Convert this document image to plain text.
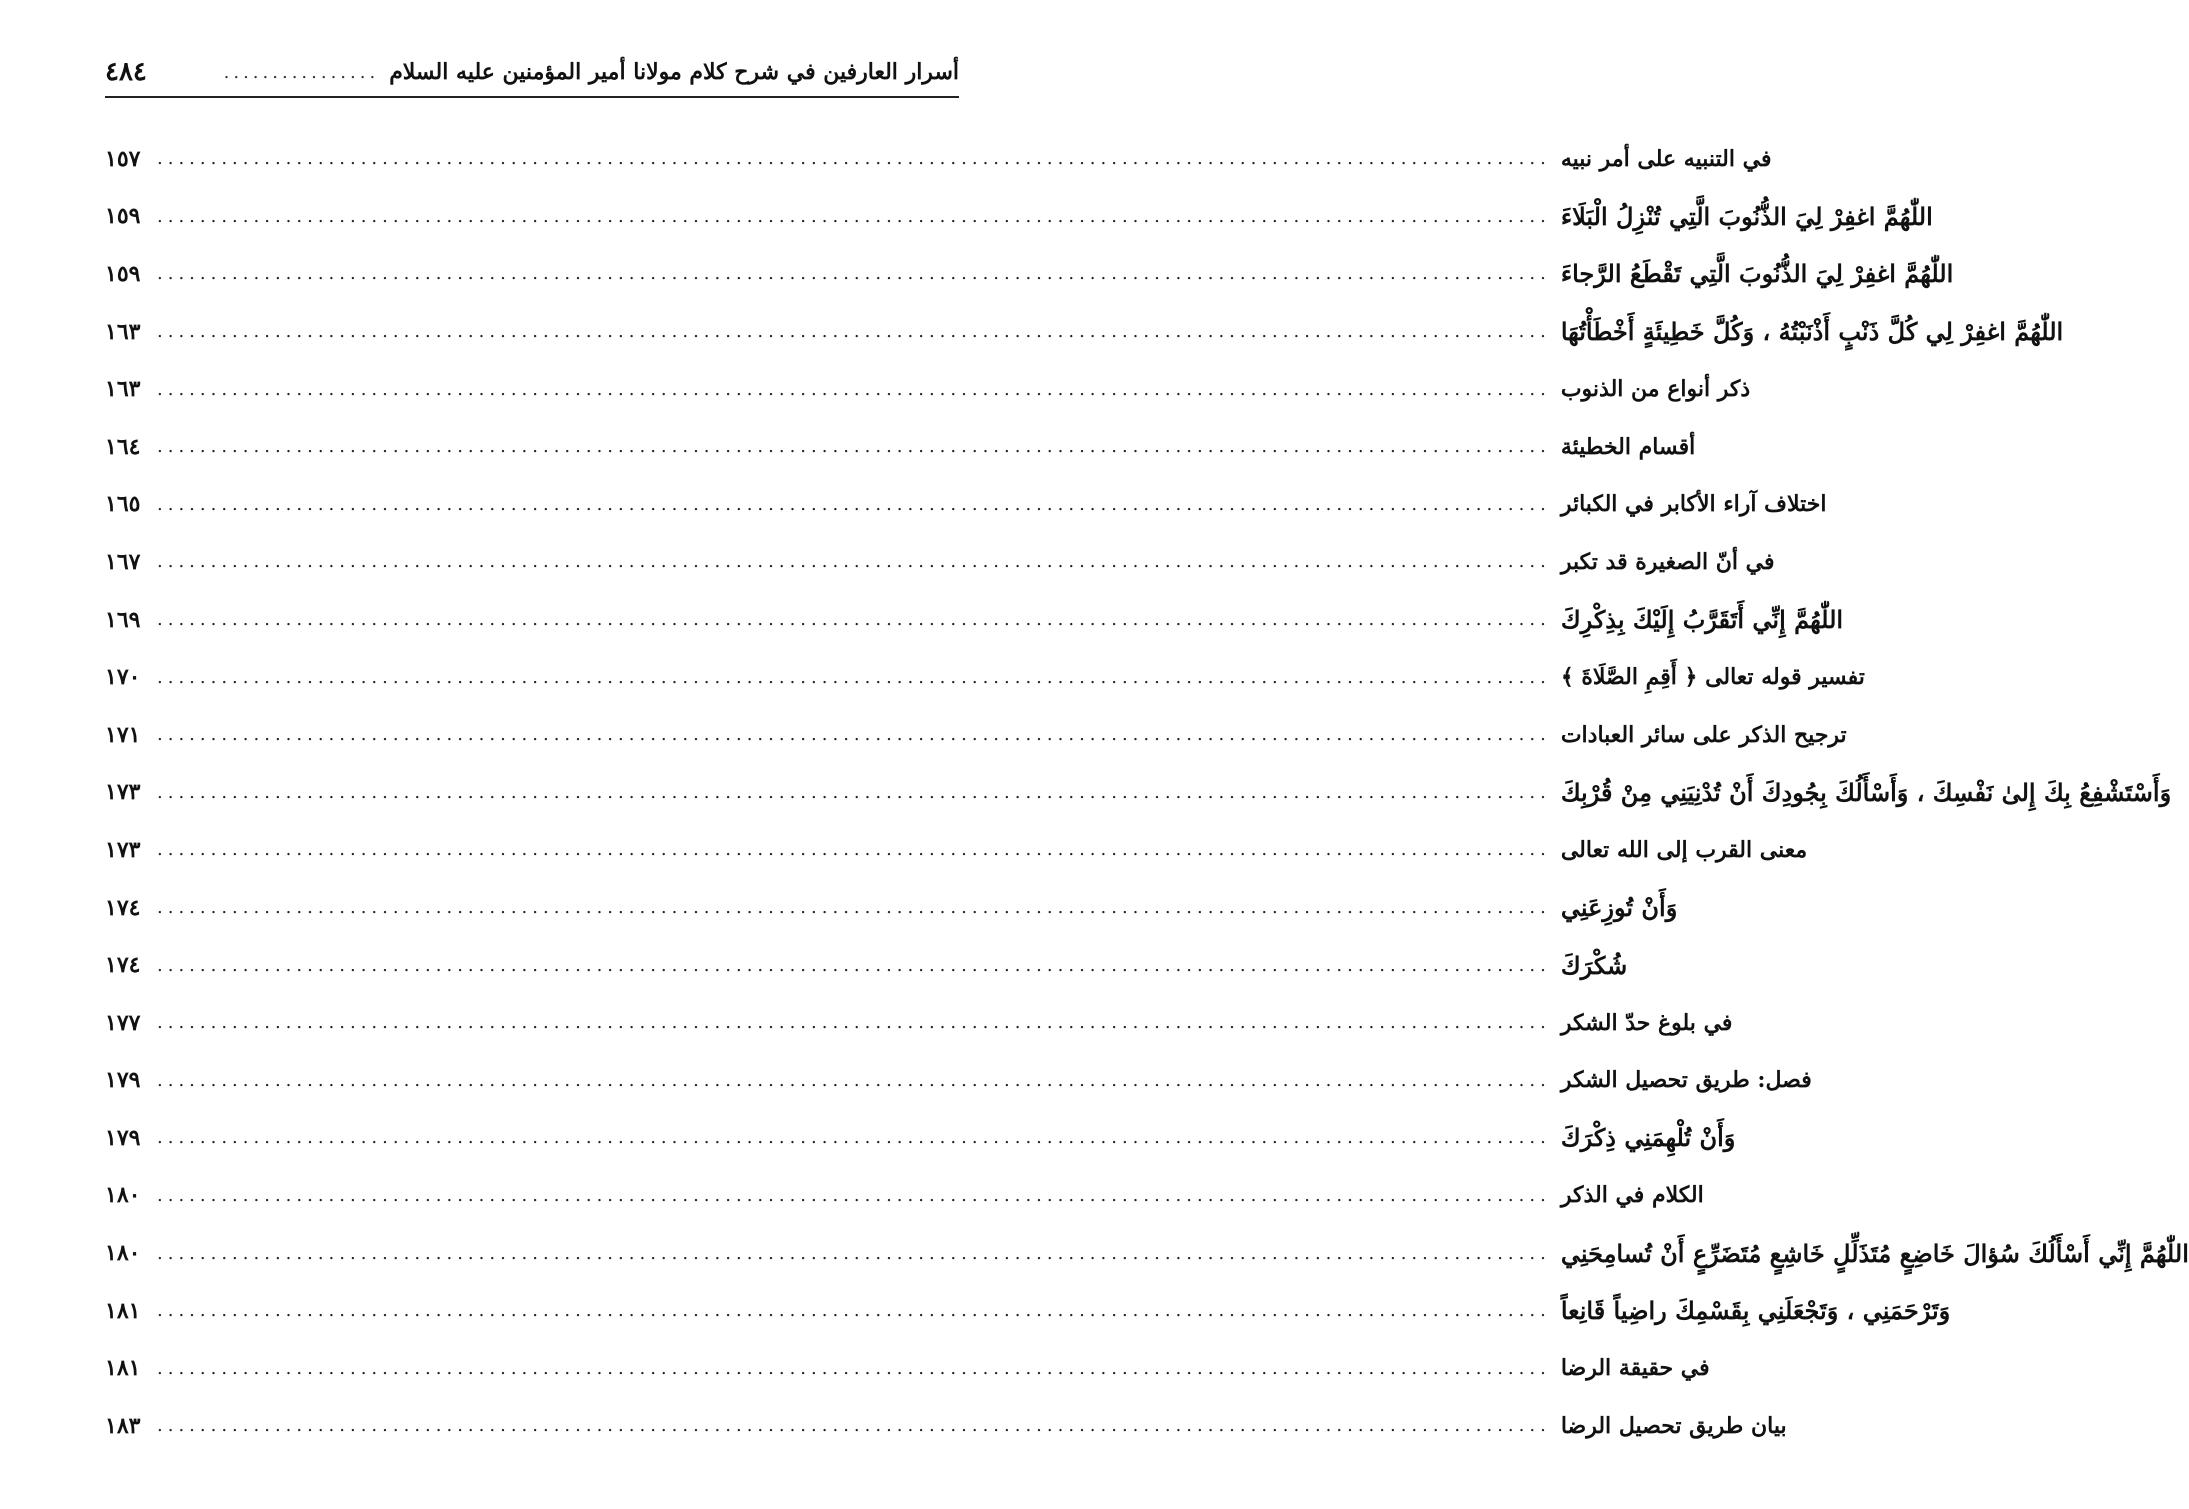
٤٨٤	................ أسرار العارفين في شرح كلام مولانا أمير المؤمنين عليه السلام
١٥٧ .................................................................................................................................. في التنبيه على أمر نبيه
١٥٩ .................................................................................................................................. اللّٰهُمَّ اغفِرْ لِيَ الذُّنُوبَ الَّتِي تُنْزِلُ الْبَلَاءَ
١٥٩ .................................................................................................................................. اللّٰهُمَّ اغفِرْ لِيَ الذُّنُوبَ الَّتِي تَقْطَعُ الرَّجاءَ
١٦٣ .................................................................................................................................. اللّٰهُمَّ اغفِرْ لِي كُلَّ ذَنْبٍ أَذْنَبْتُهُ ، وَكُلَّ خَطِيئَةٍ أَخْطَأْتُهَا
١٦٣ .................................................................................................................................. ذكر أنواع من الذنوب
١٦٤ .................................................................................................................................. أقسام الخطيئة
١٦٥ .................................................................................................................................. اختلاف آراء الأكابر في الكبائر
١٦٧ .................................................................................................................................. في أنّ الصغيرة قد تكبر
١٦٩ .................................................................................................................................. اللّٰهُمَّ إِنِّي أَتَقَرَّبُ إِلَيْكَ بِذِكْرِكَ
١٧٠ .................................................................................................................................. تفسير قوله تعالى ﴿ أَقِمِ الصَّلَاةَ ﴾
١٧١ .................................................................................................................................. ترجيح الذكر على سائر العبادات
١٧٣ .................................................................................................................................. وَأَسْتَشْفِعُ بِكَ إِلىٰ نَفْسِكَ ، وَأَسْأَلُكَ بِجُودِكَ أَنْ تُدْنِيَنِي مِنْ قُرْبِكَ
١٧٣ .................................................................................................................................. معنى القرب إلى الله تعالى
١٧٤ .................................................................................................................................. وَأَنْ تُوزِعَنِي
١٧٤ .................................................................................................................................. شُكْرَكَ
١٧٧ .................................................................................................................................. في بلوغ حدّ الشكر
١٧٩ .................................................................................................................................. فصل: طريق تحصيل الشكر
١٧٩ .................................................................................................................................. وَأَنْ تُلْهِمَنِي ذِكْرَكَ
١٨٠ .................................................................................................................................. الكلام في الذكر
١٨٠ .................................................................................................................................. اللّٰهُمَّ إِنِّي أَسْأَلُكَ سُؤالَ خَاضِعٍ مُتَذَلِّلٍ خَاشِعٍ مُتَضَرِّعٍ أَنْ تُسامِحَنِي
١٨١ .................................................................................................................................. وَتَرْحَمَنِي ، وَتَجْعَلَنِي بِقَسْمِكَ راضِياً قَانِعاً
١٨١ .................................................................................................................................. في حقيقة الرضا
١٨٣ .................................................................................................................................. بيان طريق تحصيل الرضا
